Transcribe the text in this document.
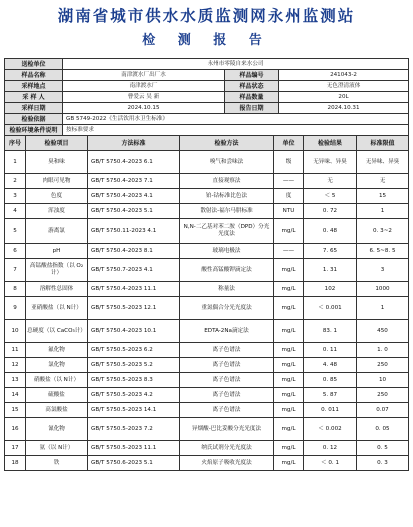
湖南省城市供水水质监测网永州监测站
检 测 报 告
送检单位	永州市零陵自来水公司		
样品名称	南津渡水厂出厂水	样品编号	241043-2
采样地点	南津渡水厂	样品状态	无色澄清液体
采 样 人	曹爱云 吴 新	样品数量	20L
采样日期	2024.10.15	报告日期	2024.10.31
检验依据	GB 5749-2022《生活饮用水卫生标准》		
检验环境条件说明	按标准要求		
序号	检验项目	方法标准	检验方法	单位	检验结果	标准限值
1	臭和味	GB/T 5750.4-2023 6.1	嗅气和尝味法	级	无异味、异臭	无异味、异臭
2	肉眼可见物	GB/T 5750.4-2023 7.1	直接观察法	——	无	无
3	色度	GB/T 5750.4-2023 4.1	铂-钴标准比色法	度	＜ 5	15
4	浑浊度	GB/T 5750.4-2023 5.1	散射法-福尔马肼标准	NTU	0. 72	1
5	游离氯	GB/T 5750.11-2023 4.1	N,N-二乙基对苯二胺（DPD）分光光度法	mg/L	0. 48	0. 3~2
6	pH	GB/T 5750.4-2023 8.1	玻璃电极法	——	7. 65	6. 5~8. 5
7	高锰酸盐指数（以 O₂计）	GB/T 5750.7-2023 4.1	酸性高锰酸钾滴定法	mg/L	1. 31	3
8	溶解性总固体	GB/T 5750.4-2023 11.1	称量法	mg/L	102	1000
9	亚硝酸盐（以 N计）	GB/T 5750.5-2023 12.1	重氮偶合分光光度法	mg/L	＜ 0.001	1
10	总硬度（以 CaCO₃计）	GB/T 5750.4-2023 10.1	EDTA-2Na滴定法	mg/L	83. 1	450
11	氟化物	GB/T 5750.5-2023 6.2	离子色谱法	mg/L	0. 11	1. 0
12	氯化物	GB/T 5750.5-2023 5.2	离子色谱法	mg/L	4. 48	250
13	硝酸盐（以 N计）	GB/T 5750.5-2023 8.3	离子色谱法	mg/L	0. 85	10
14	硫酸盐	GB/T 5750.5-2023 4.2	离子色谱法	mg/L	5. 87	250
15	高氯酸盐	GB/T 5750.5-2023 14.1	离子色谱法	mg/L	0. 011	0.07
16	氰化物	GB/T 5750.5-2023 7.2	异烟酸-巴比妥酸分光光度法	mg/L	＜ 0.002	0. 05
17	氨（以 N计）	GB/T 5750.5-2023 11.1	纳氏试剂分光光度法	mg/L	0. 12	0. 5
18	铁	GB/T 5750.6-2023 5.1	火焰原子吸收光度法	mg/L	＜ 0. 1	0. 3
